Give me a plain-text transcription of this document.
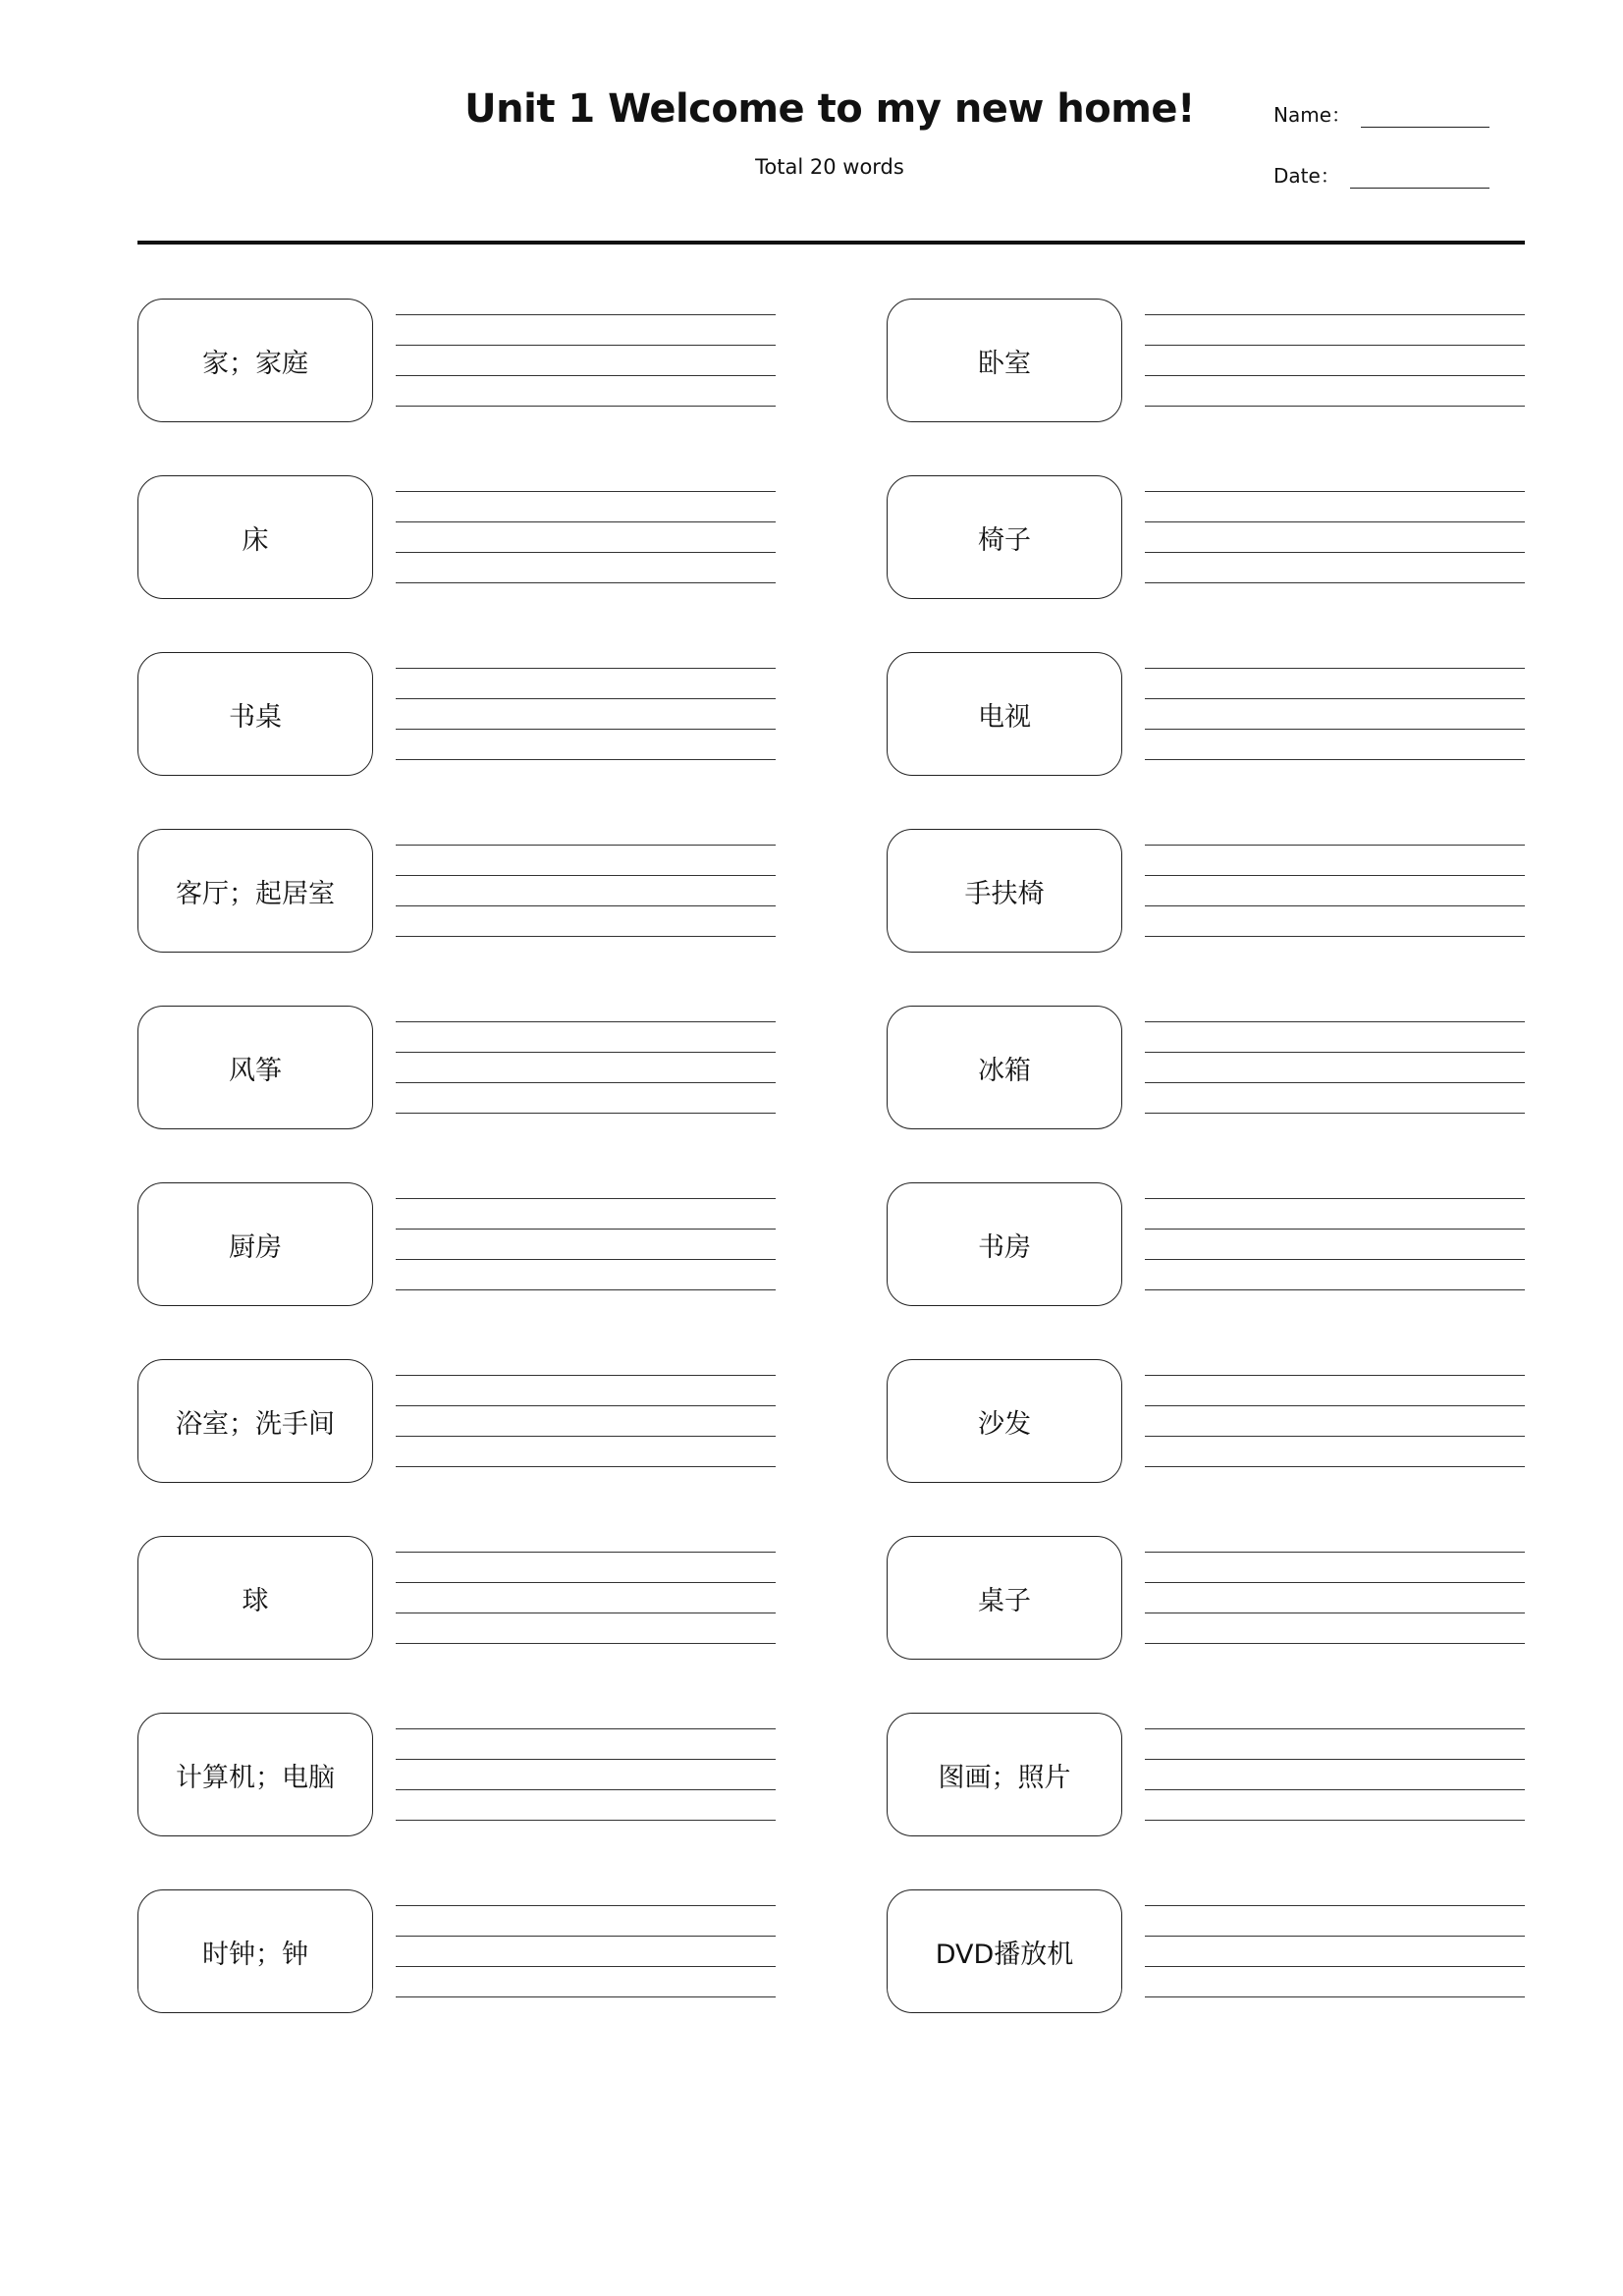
Unit 1 Welcome to my new home!

Total 20 words

Name：
Date：
家；家庭	卧室
床	椅子
书桌	电视
客厅；起居室	手扶椅
风筝	冰箱
厨房	书房
浴室；洗手间	沙发
球	桌子
计算机；电脑	图画；照片
时钟；钟	DVD播放机
